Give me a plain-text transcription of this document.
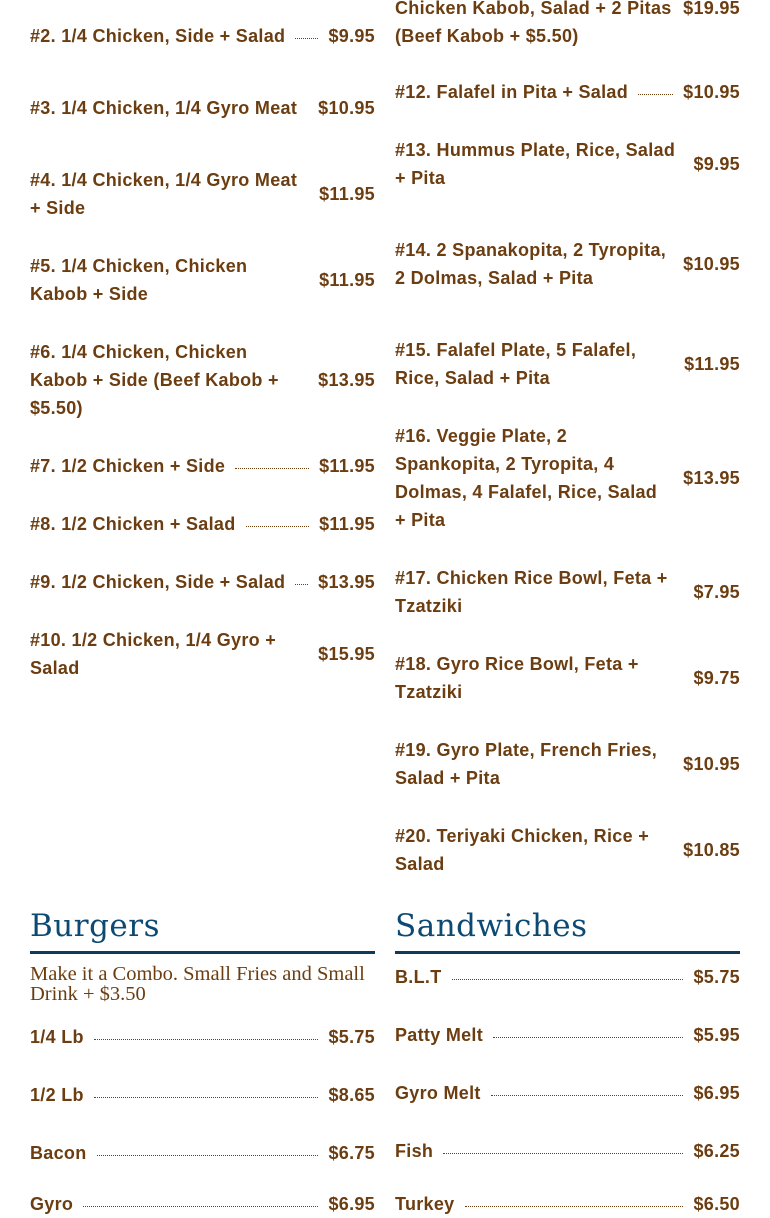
#2. 1/4 Chicken, Side + Salad $9.95
#3. 1/4 Chicken, 1/4 Gyro Meat	$10.95
#4. 1/4 Chicken, 1/4 Gyro Meat + Side
$11.95
#5. 1/4 Chicken, Chicken Kabob + Side
$11.95
#6. 1/4 Chicken, Chicken Kabob + Side (Beef Kabob + $5.50)
$13.95
#7. 1/2 Chicken + Side	$11.95
#8. 1/2 Chicken + Salad	$11.95
#9. 1/2 Chicken, Side + Salad $13.95
#10. 1/2 Chicken, 1/4 Gyro + Salad
$15.95
Burgers
Make it a Combo. Small Fries and Small Drink + $3.50
1/4 Lb	$5.75
1/2 Lb	$8.65
Bacon	$6.75
Gyro	$6.95
Chicken Kabob, Salad + 2 Pitas (Beef Kabob + $5.50)
$19.95
#12. Falafel in Pita + Salad	$10.95
#13. Hummus Plate, Rice, Salad + Pita
$9.95
#14. 2 Spanakopita, 2 Tyropita, 2 Dolmas, Salad + Pita
$10.95
#15. Falafel Plate, 5 Falafel, Rice, Salad + Pita
$11.95
#16. Veggie Plate, 2 Spankopita, 2 Tyropita, 4 Dolmas, 4 Falafel, Rice, Salad + Pita
$13.95
#17. Chicken Rice Bowl, Feta + Tzatziki
$7.95
#18. Gyro Rice Bowl, Feta + Tzatziki
$9.75
#19. Gyro Plate, French Fries, Salad + Pita
$10.95
#20. Teriyaki Chicken, Rice + Salad
$10.85
Sandwiches
B.L.T	$5.75
Patty Melt	$5.95
Gyro Melt	$6.95
Fish	$6.25
Turkey	$6.50
